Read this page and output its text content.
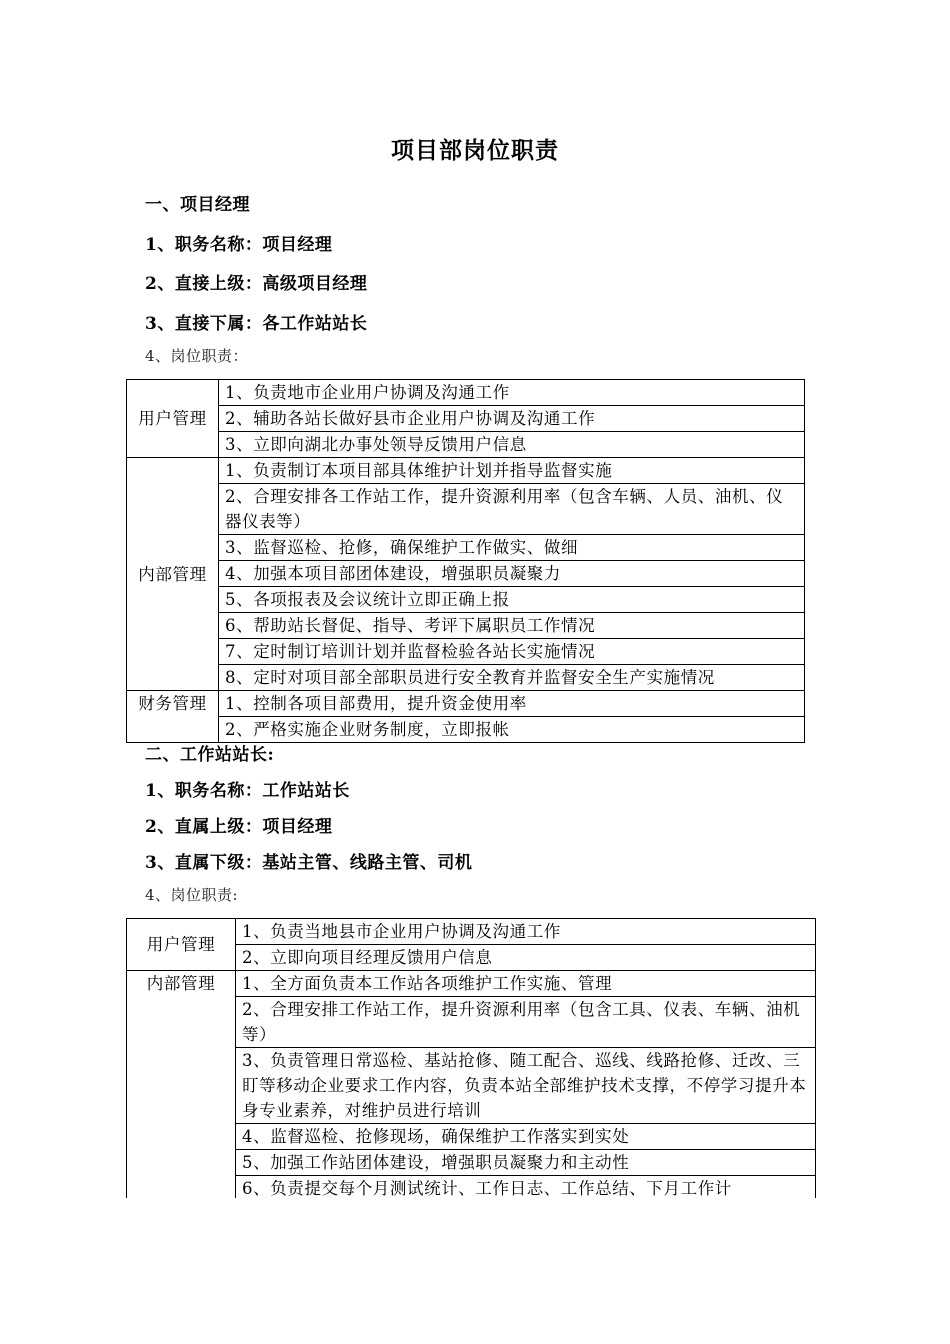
项目部岗位职责
一、项目经理
1、职务名称：项目经理
2、直接上级：高级项目经理
3、直接下属：各工作站站长
4、岗位职责：
用户管理	1、负责地市企业用户协调及沟通工作
	2、辅助各站长做好县市企业用户协调及沟通工作
	3、立即向湖北办事处领导反馈用户信息
内部管理	1、负责制订本项目部具体维护计划并指导监督实施
	2、合理安排各工作站工作，提升资源利用率（包含车辆、人员、油机、仪器仪表等）
	3、监督巡检、抢修，确保维护工作做实、做细
	4、加强本项目部团体建设，增强职员凝聚力
	5、各项报表及会议统计立即正确上报
	6、帮助站长督促、指导、考评下属职员工作情况
	7、定时制订培训计划并监督检验各站长实施情况
	8、定时对项目部全部职员进行安全教育并监督安全生产实施情况
财务管理	1、控制各项目部费用，提升资金使用率
	2、严格实施企业财务制度，立即报帐
二、工作站站长:
1、职务名称：工作站站长
2、直属上级：项目经理
3、直属下级：基站主管、线路主管、司机
4、岗位职责:
用户管理	1、负责当地县市企业用户协调及沟通工作
	2、立即向项目经理反馈用户信息
内部管理	1、全方面负责本工作站各项维护工作实施、管理
	2、合理安排工作站工作，提升资源利用率（包含工具、仪表、车辆、油机等）
	3、负责管理日常巡检、基站抢修、随工配合、巡线、线路抢修、迁改、三盯等移动企业要求工作内容，负责本站全部维护技术支撑，不停学习提升本身专业素养，对维护员进行培训
	4、监督巡检、抢修现场，确保维护工作落实到实处
	5、加强工作站团体建设，增强职员凝聚力和主动性
	6、负责提交每个月测试统计、工作日志、工作总结、下月工作计
